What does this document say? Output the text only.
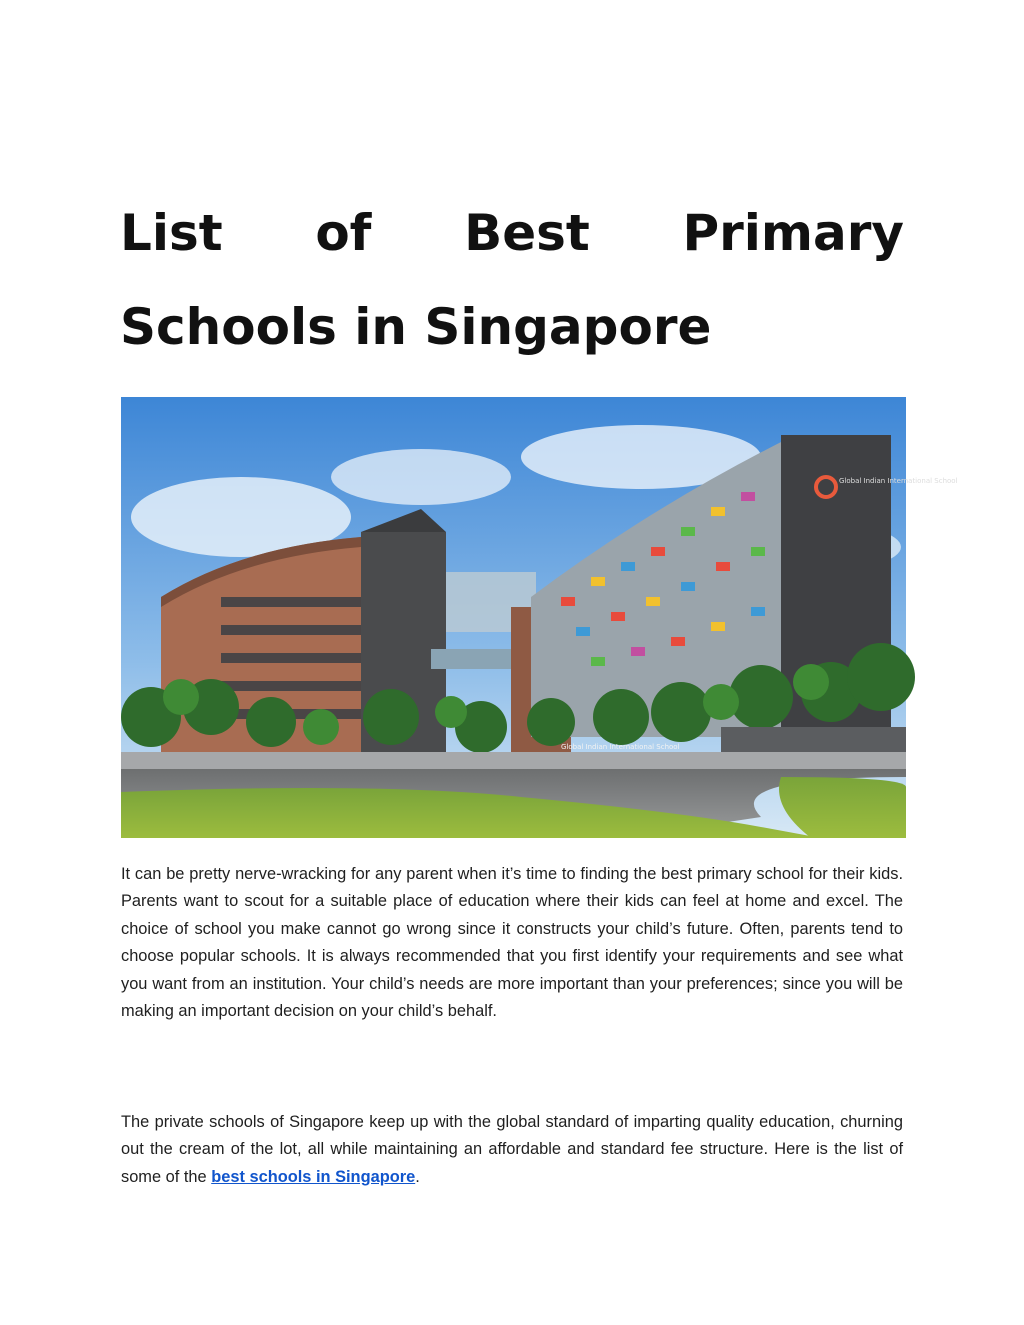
List of Best Primary Schools in Singapore
Global Indian International School
Global Indian International School

It can be pretty nerve-wracking for any parent when it’s time to finding the best primary school for their kids. Parents want to scout for a suitable place of education where their kids can feel at home and excel. The choice of school you make cannot go wrong since it constructs your child’s future. Often, parents tend to choose popular schools. It is always recommended that you first identify your requirements and see what you want from an institution. Your child’s needs are more important than your preferences; since you will be making an important decision on your child’s behalf.

The private schools of Singapore keep up with the global standard of imparting quality education, churning out the cream of the lot, all while maintaining an affordable and standard fee structure. Here is the list of some of the best schools in Singapore.
